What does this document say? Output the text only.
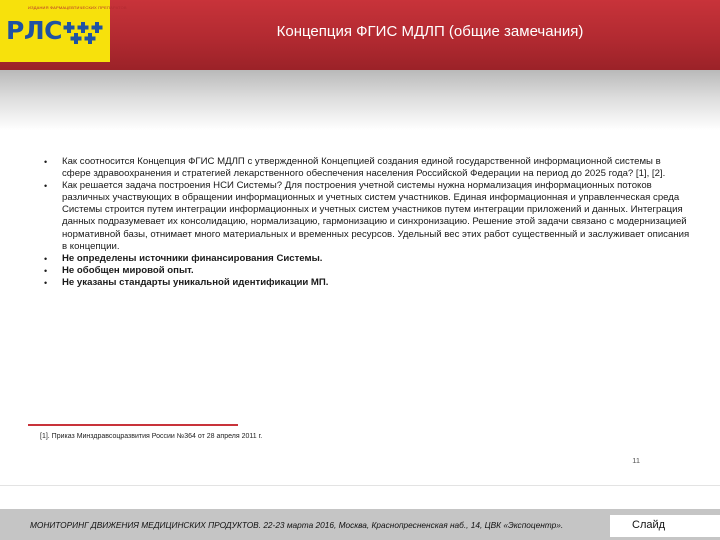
ИЗДАНИЯ ФАРМАЦЕВТИЧЕСКИХ ПРЕПАРАТОВ
РЛС	Концепция ФГИС МДЛП (общие замечания)
• Как соотносится Концепция ФГИС МДЛП с утвержденной Концепцией создания единой государственной информационной системы в сфере здравоохранения и стратегией лекарственного обеспечения населения Российской Федерации на период до 2025 года? [1], [2].
• Как решается задача построения НСИ Системы? Для построения учетной системы нужна нормализация информационных потоков различных участвующих в обращении информационных и учетных систем участников. Единая информационная и управленческая среда Системы строится путем интеграции информационных и учетных систем участников путем интеграции приложений и данных. Интеграция данных подразумевает их консолидацию, нормализацию, гармонизацию и синхронизацию. Решение этой задачи связано с модернизацией нормативной базы, отнимает много материальных и временных ресурсов. Удельный вес этих работ существенный и заслуживает описания в концепции.
• Не определены источники финансирования Системы.
• Не обобщен мировой опыт.
• Не указаны стандарты уникальной идентификации МП.
[1]. Приказ Минздравсоцразвития России №364 от 28 апреля 2011 г.
11
МОНИТОРИНГ ДВИЖЕНИЯ МЕДИЦИНСКИХ ПРОДУКТОВ. 22-23 марта 2016, Москва, Краснопресненская наб., 14, ЦВК «Экспоцентр».	Слайд
